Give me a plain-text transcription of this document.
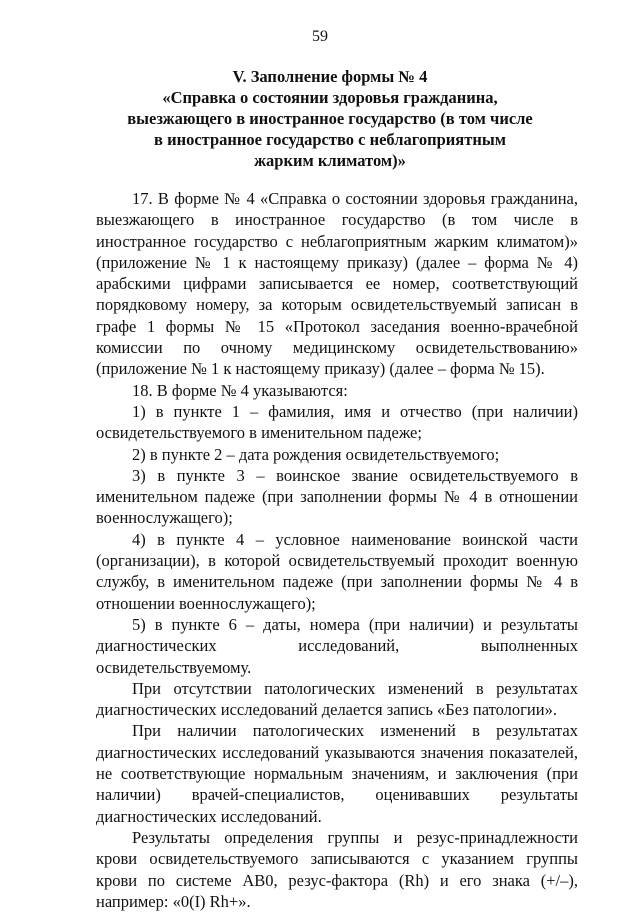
59
V. Заполнение формы № 4
«Справка о состоянии здоровья гражданина,
выезжающего в иностранное государство (в том числе
в иностранное государство с неблагоприятным
жарким климатом)»

17. В форме № 4 «Справка о состоянии здоровья гражданина, выезжающего в иностранное государство (в том числе в иностранное государство с неблагоприятным жарким климатом)» (приложение № 1 к настоящему приказу) (далее – форма № 4) арабскими цифрами записывается ее номер, соответствующий порядковому номеру, за которым освидетельствуемый записан в графе 1 формы № 15 «Протокол заседания военно-врачебной комиссии по очному медицинскому освидетельствованию» (приложение № 1 к настоящему приказу) (далее – форма № 15).

18. В форме № 4 указываются:

1) в пункте 1 – фамилия, имя и отчество (при наличии) освидетельствуемого в именительном падеже;

2) в пункте 2 – дата рождения освидетельствуемого;

3) в пункте 3 – воинское звание освидетельствуемого в именительном падеже (при заполнении формы № 4 в отношении военнослужащего);

4) в пункте 4 – условное наименование воинской части (организации), в которой освидетельствуемый проходит военную службу, в именительном падеже (при заполнении формы № 4 в отношении военнослужащего);

5) в пункте 6 – даты, номера (при наличии) и результаты диагностических исследований, выполненных освидетельствуемому.

При отсутствии патологических изменений в результатах диагностических исследований делается запись «Без патологии».

При наличии патологических изменений в результатах диагностических исследований указываются значения показателей, не соответствующие нормальным значениям, и заключения (при наличии) врачей-специалистов, оценивавших результаты диагностических исследований.

Результаты определения группы и резус-принадлежности крови освидетельствуемого записываются с указанием группы крови по системе АВ0, резус-фактора (Rh) и его знака (+/–), например: «0(I) Rh+».
